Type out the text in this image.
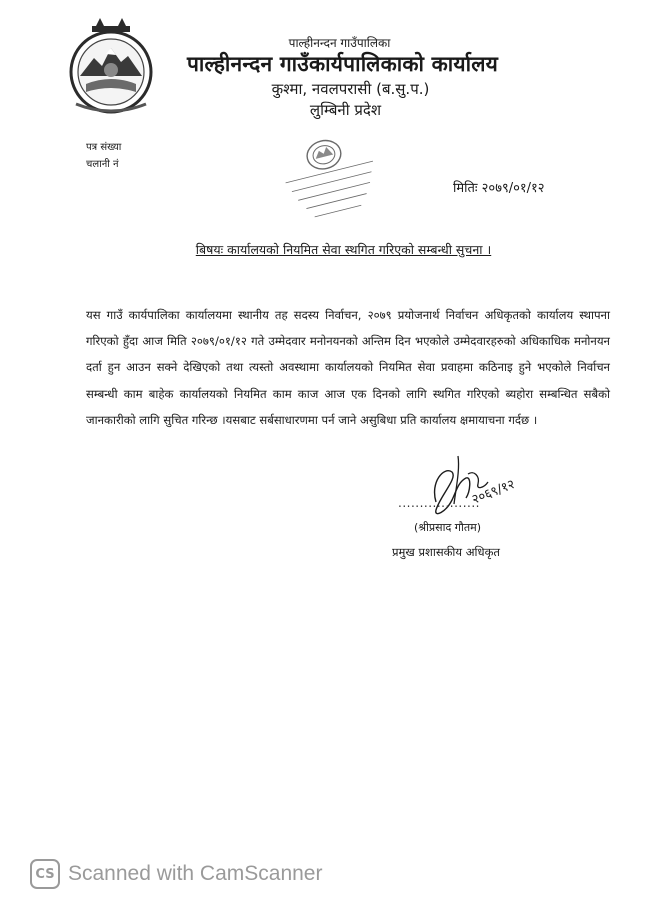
पाल्हीनन्दन गाउँपालिका
पाल्हीनन्दन गाउँकार्यपालिकाको कार्यालय
कुश्मा, नवलपरासी (ब.सु.प.)
लुम्बिनी प्रदेश
पत्र संख्या
चलानी नं
मितिः २०७९/०१/१२
बिषयः कार्यालयको नियमित सेवा स्थगित गरिएको सम्बन्धी सुचना ।
यस गाउँ कार्यपालिका कार्यालयमा स्थानीय तह सदस्य निर्वाचन, २०७९ प्रयोजनार्थ निर्वाचन अधिकृतको कार्यालय स्थापना गरिएको हुँदा आज मिति २०७९/०१/१२ गते उम्मेदवार मनोनयनको अन्तिम दिन भएकोले उम्मेदवारहरुको अधिकाधिक मनोनयन दर्ता हुन आउन सक्ने देखिएको तथा त्यस्तो अवस्थामा कार्यालयको नियमित सेवा प्रवाहमा कठिनाइ हुने भएकोले निर्वाचन सम्बन्धी काम बाहेक कार्यालयको नियमित काम काज आज एक दिनको लागि स्थगित गरिएको ब्यहोरा सम्बन्धित सबैको जानकारीको लागि सुचित गरिन्छ ।यसबाट सर्बसाधारणमा पर्न जाने असुबिधा प्रति कार्यालय क्षमायाचना गर्दछ ।
२०६९/१२
...................
(श्रीप्रसाद गौतम)
प्रमुख प्रशासकीय अधिकृत
CS Scanned with CamScanner
